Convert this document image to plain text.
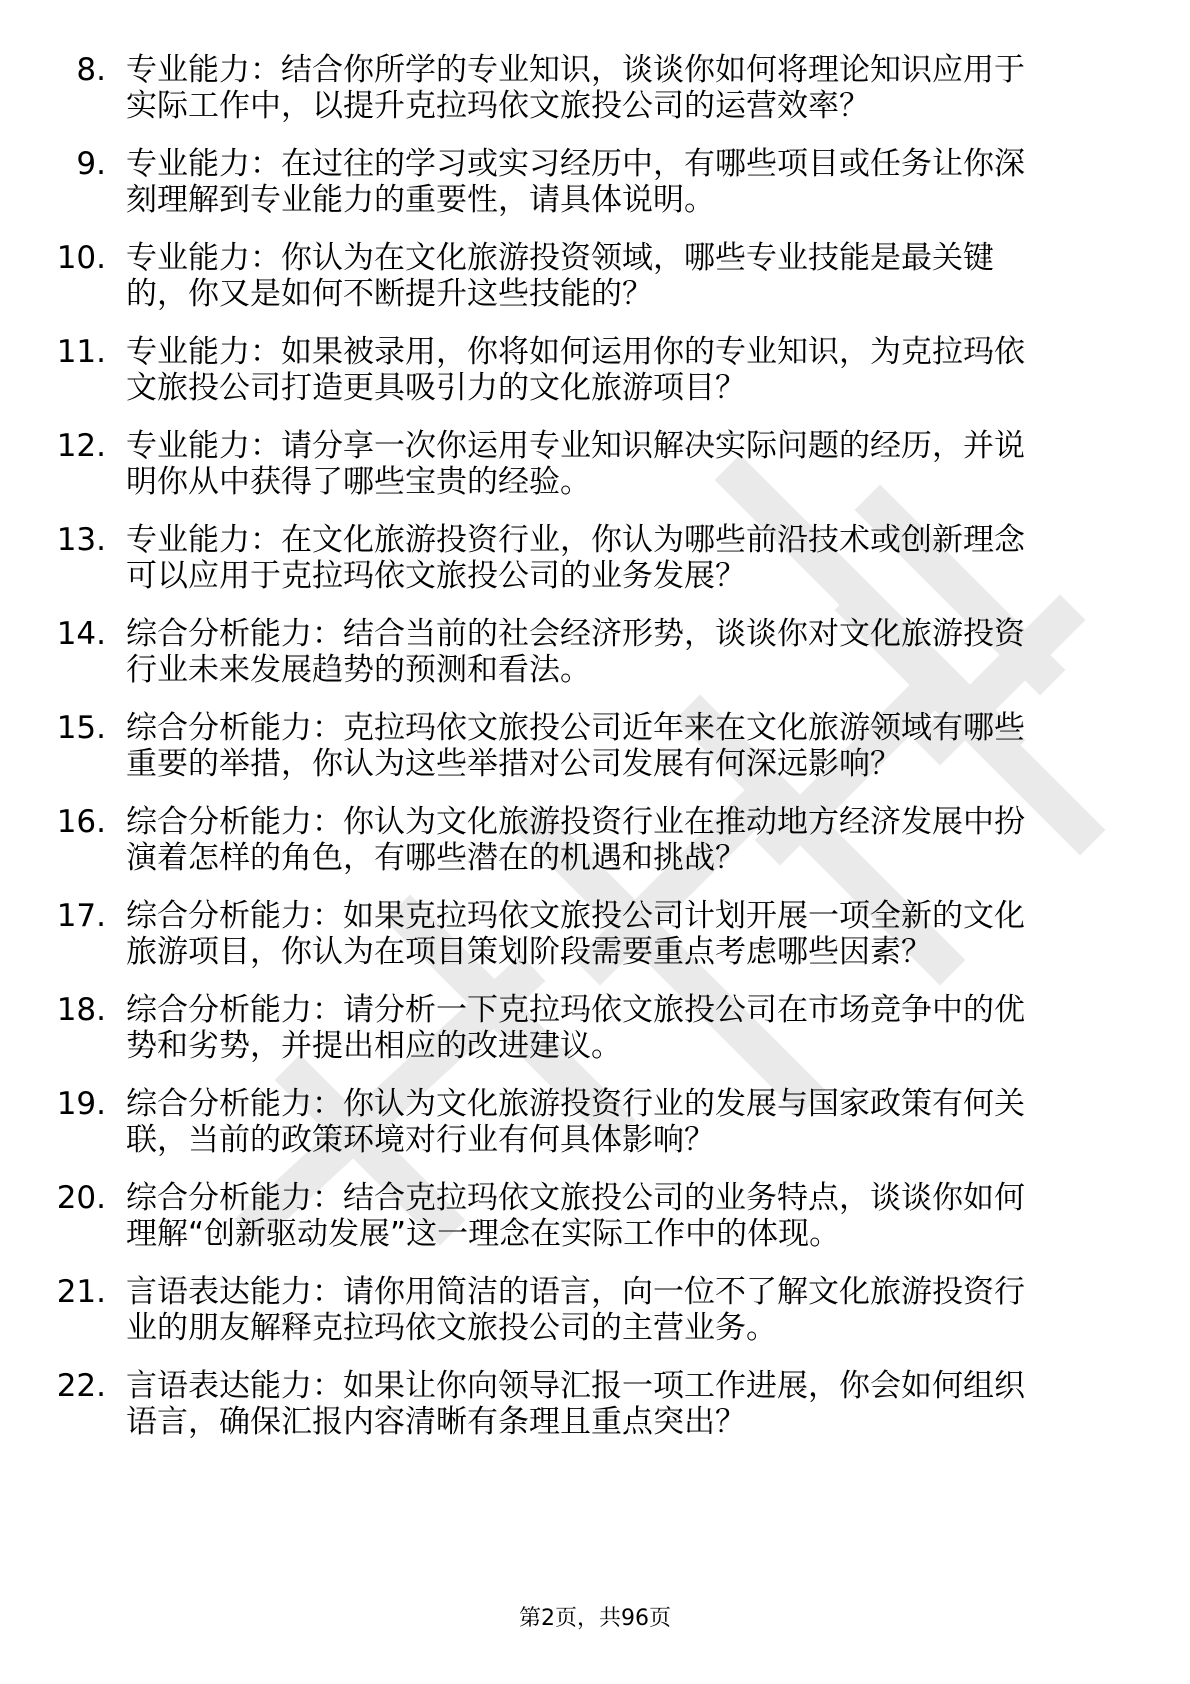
8. 专业能力：结合你所学的专业知识，谈谈你如何将理论知识应用于实际工作中，以提升克拉玛依文旅投公司的运营效率？
9. 专业能力：在过往的学习或实习经历中，有哪些项目或任务让你深刻理解到专业能力的重要性，请具体说明。
10. 专业能力：你认为在文化旅游投资领域，哪些专业技能是最关键的，你又是如何不断提升这些技能的？
11. 专业能力：如果被录用，你将如何运用你的专业知识，为克拉玛依文旅投公司打造更具吸引力的文化旅游项目？
12. 专业能力：请分享一次你运用专业知识解决实际问题的经历，并说明你从中获得了哪些宝贵的经验。
13. 专业能力：在文化旅游投资行业，你认为哪些前沿技术或创新理念可以应用于克拉玛依文旅投公司的业务发展？
14. 综合分析能力：结合当前的社会经济形势，谈谈你对文化旅游投资行业未来发展趋势的预测和看法。
15. 综合分析能力：克拉玛依文旅投公司近年来在文化旅游领域有哪些重要的举措，你认为这些举措对公司发展有何深远影响？
16. 综合分析能力：你认为文化旅游投资行业在推动地方经济发展中扮演着怎样的角色，有哪些潜在的机遇和挑战？
17. 综合分析能力：如果克拉玛依文旅投公司计划开展一项全新的文化旅游项目，你认为在项目策划阶段需要重点考虑哪些因素？
18. 综合分析能力：请分析一下克拉玛依文旅投公司在市场竞争中的优势和劣势，并提出相应的改进建议。
19. 综合分析能力：你认为文化旅游投资行业的发展与国家政策有何关联，当前的政策环境对行业有何具体影响？
20. 综合分析能力：结合克拉玛依文旅投公司的业务特点，谈谈你如何理解“创新驱动发展”这一理念在实际工作中的体现。
21. 言语表达能力：请你用简洁的语言，向一位不了解文化旅游投资行业的朋友解释克拉玛依文旅投公司的主营业务。
22. 言语表达能力：如果让你向领导汇报一项工作进展，你会如何组织语言，确保汇报内容清晰有条理且重点突出？
第2页，共96页
